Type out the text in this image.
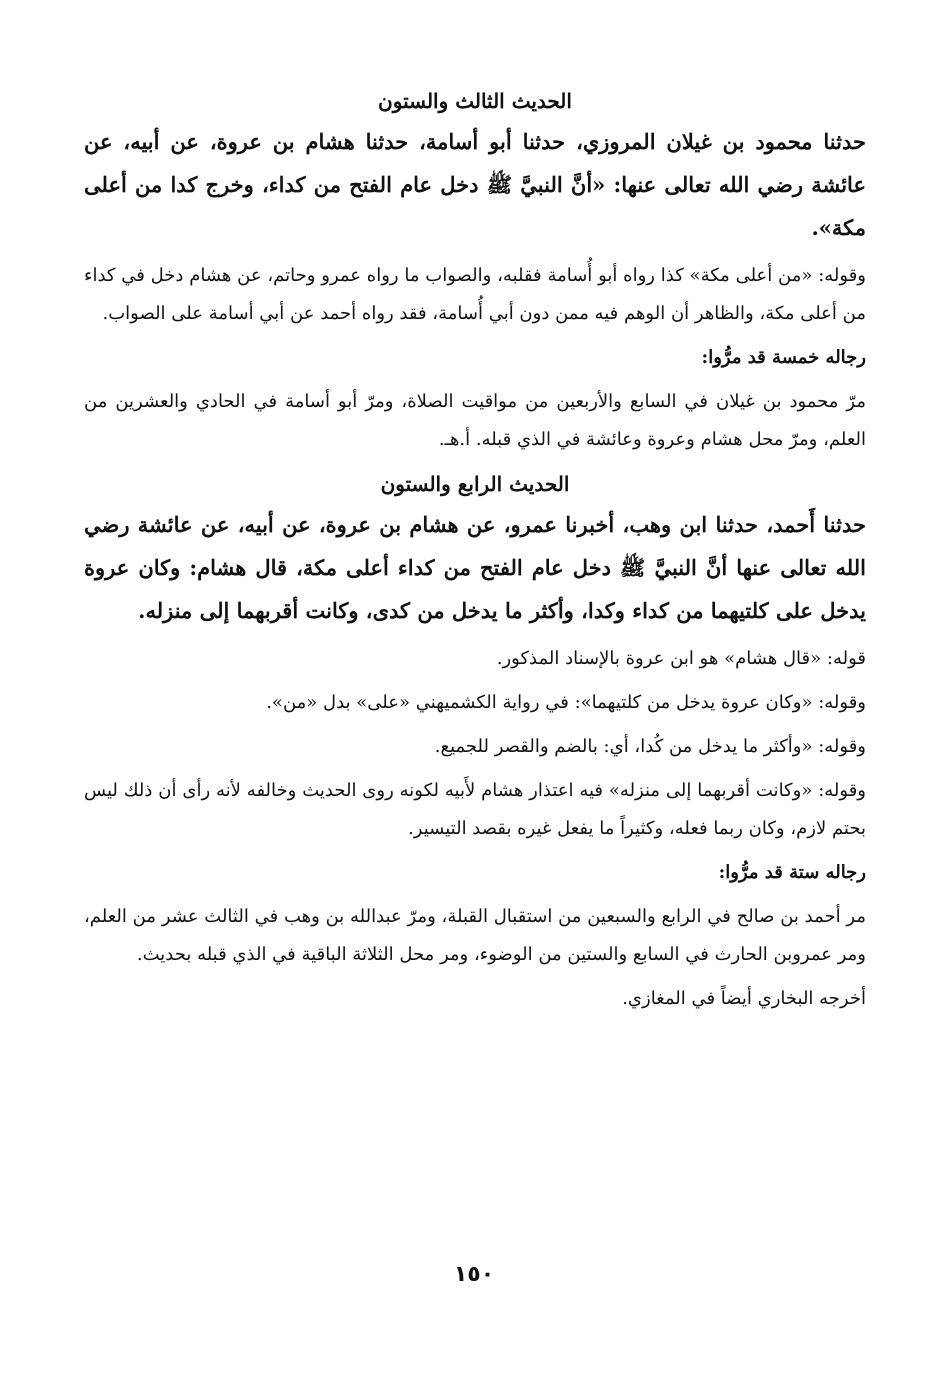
الحديث الثالث والستون

حدثنا محمود بن غيلان المروزي، حدثنا أبو أسامة، حدثنا هشام بن عروة، عن أبيه، عن عائشة رضي الله تعالى عنها: «أنَّ النبيَّ ﷺ دخل عام الفتح من كداء، وخرج كدا من أعلى مكة».

وقوله: «من أعلى مكة» كذا رواه أبو أُسامة فقلبه، والصواب ما رواه عمرو وحاتم، عن هشام دخل في كداء من أعلى مكة، والظاهر أن الوهم فيه ممن دون أبي أُسامة، فقد رواه أحمد عن أبي أسامة على الصواب.

رجاله خمسة قد مرُّوا:

مرّ محمود بن غيلان في السابع والأربعين من مواقيت الصلاة، ومرّ أبو أسامة في الحادي والعشرين من العلم، ومرّ محل هشام وعروة وعائشة في الذي قبله. أ.هـ.

الحديث الرابع والستون

حدثنا أَحمد، حدثنا ابن وهب، أخبرنا عمرو، عن هشام بن عروة، عن أبيه، عن عائشة رضي الله تعالى عنها أنَّ النبيَّ ﷺ دخل عام الفتح من كداء أعلى مكة، قال هشام: وكان عروة يدخل على كلتيهما من كداء وكدا، وأكثر ما يدخل من كدى، وكانت أقربهما إلى منزله.

قوله: «قال هشام» هو ابن عروة بالإسناد المذكور.

وقوله: «وكان عروة يدخل من كلتيهما»: في رواية الكشميهني «على» بدل «من».

وقوله: «وأكثر ما يدخل من كُدا، أي: بالضم والقصر للجميع.

وقوله: «وكانت أقربهما إلى منزله» فيه اعتذار هشام لأَبيه لكونه روى الحديث وخالفه لأنه رأى أن ذلك ليس بحتم لازم، وكان ربما فعله، وكثيراً ما يفعل غيره بقصد التيسير.

رجاله ستة قد مرُّوا:

مر أحمد بن صالح في الرابع والسبعين من استقبال القبلة، ومرّ عبدالله بن وهب في الثالث عشر من العلم، ومر عمروبن الحارث في السابع والستين من الوضوء، ومر محل الثلاثة الباقية في الذي قبله بحديث.

أخرجه البخاري أيضاً في المغازي.

١٥٠
